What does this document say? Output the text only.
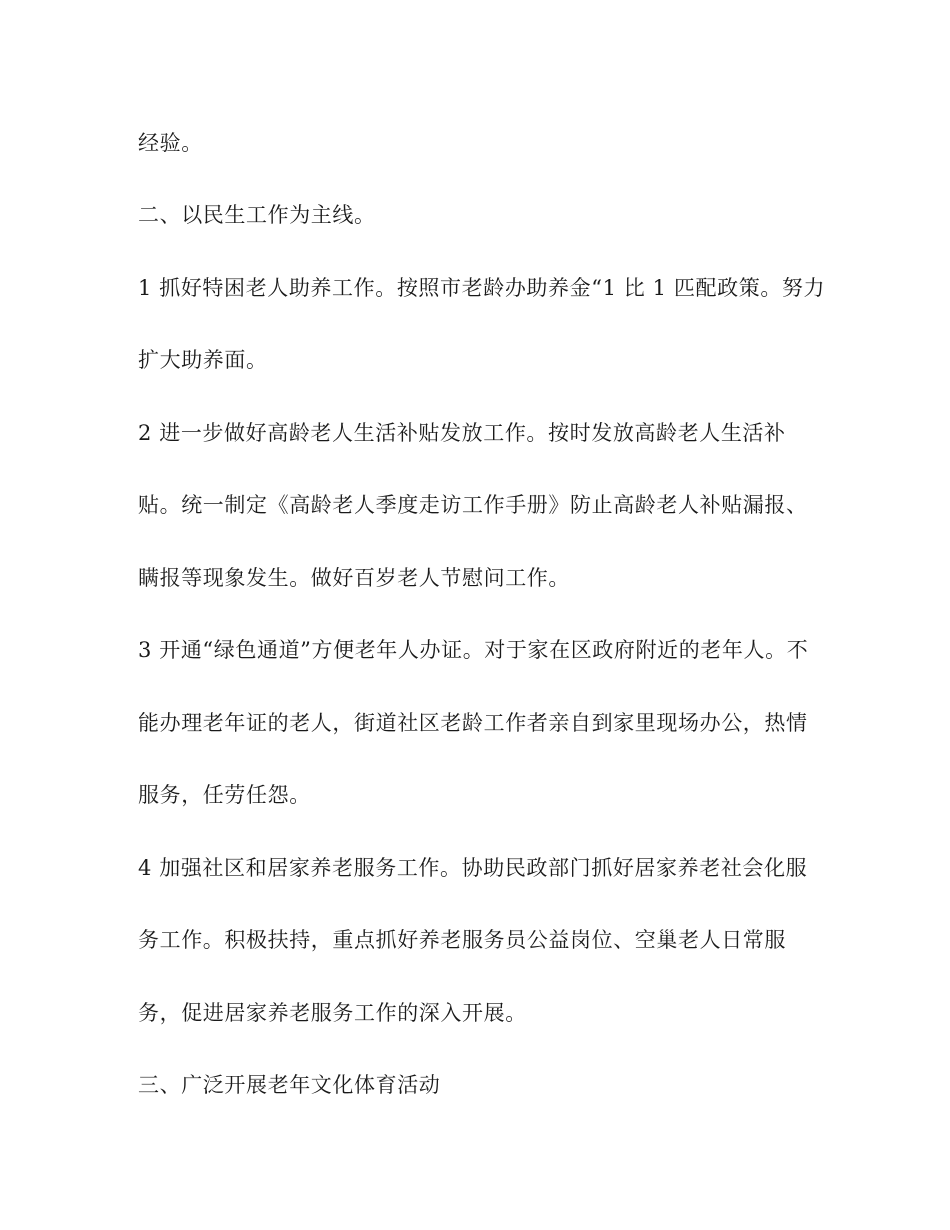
经验。
二、以民生工作为主线。
1 抓好特困老人助养工作。按照市老龄办助养金“1 比 1 匹配政策。努力
扩大助养面。
2 进一步做好高龄老人生活补贴发放工作。按时发放高龄老人生活补
贴。统一制定《高龄老人季度走访工作手册》防止高龄老人补贴漏报、
瞒报等现象发生。做好百岁老人节慰问工作。
3 开通“绿色通道”方便老年人办证。对于家在区政府附近的老年人。不
能办理老年证的老人，街道社区老龄工作者亲自到家里现场办公，热情
服务，任劳任怨。
4 加强社区和居家养老服务工作。协助民政部门抓好居家养老社会化服
务工作。积极扶持，重点抓好养老服务员公益岗位、空巢老人日常服
务，促进居家养老服务工作的深入开展。
三、广泛开展老年文化体育活动
